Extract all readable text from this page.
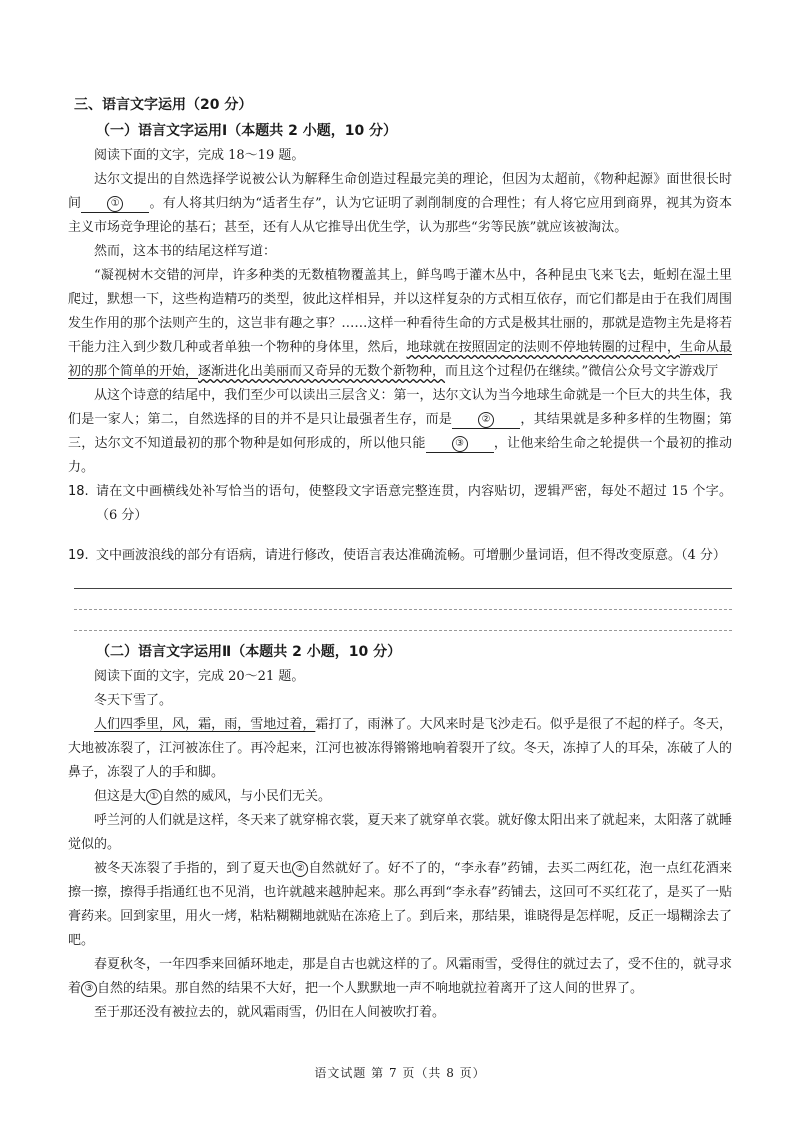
三、语言文字运用（20 分）
（一）语言文字运用Ⅰ（本题共 2 小题，10 分）

阅读下面的文字，完成 18～19 题。

达尔文提出的自然选择学说被公认为解释生命创造过程最完美的理论，但因为太超前，《物种起源》面世很长时间	① 。有人将其归纳为“适者生存”，认为它证明了剥削制度的合理性；有人将它应用到商界，视其为资本主义市场竞争理论的基石；甚至，还有人从它推导出优生学，认为那些“劣等民族”就应该被淘汰。

然而，这本书的结尾这样写道：

“凝视树木交错的河岸，许多种类的无数植物覆盖其上，鲜鸟鸣于灌木丛中，各种昆虫飞来飞去，蚯蚓在湿土里爬过，默想一下，这些构造精巧的类型，彼此这样相异，并以这样复杂的方式相互依存，而它们都是由于在我们周围发生作用的那个法则产生的，这岂非有趣之事？……这样一种看待生命的方式是极其壮丽的，那就是造物主先是将若干能力注入到少数几种或者单独一个物种的身体里，然后，地球就在按照固定的法则不停地转圈的过程中，生命从最初的那个简单的开始，逐渐进化出美丽而又奇异的无数个新物种，而且这个过程仍在继续。”微信公众号文字游戏厅

从这个诗意的结尾中，我们至少可以读出三层含义：第一，达尔文认为当今地球生命就是一个巨大的共生体，我们是一家人；第二，自然选择的目的并不是只让最强者生存，而是	② ，其结果就是多种多样的生物圈；第三，达尔文不知道最初的那个物种是如何形成的，所以他只能	③ ，让他来给生命之轮提供一个最初的推动力。

18. 请在文中画横线处补写恰当的语句，使整段文字语意完整连贯，内容贴切，逻辑严密，每处不超过 15 个字。（6 分）
19. 文中画波浪线的部分有语病，请进行修改，使语言表达准确流畅。可增删少量词语，但不得改变原意。（4 分）
（二）语言文字运用Ⅱ（本题共 2 小题，10 分）

阅读下面的文字，完成 20～21 题。

冬天下雪了。

人们四季里，风，霜，雨，雪地过着，霜打了，雨淋了。大风来时是飞沙走石。似乎是很了不起的样子。冬天，大地被冻裂了，江河被冻住了。再冷起来，江河也被冻得锵锵地响着裂开了纹。冬天，冻掉了人的耳朵，冻破了人的鼻子，冻裂了人的手和脚。

但这是大 ① 自然的威风，与小民们无关。

呼兰河的人们就是这样，冬天来了就穿棉衣裳，夏天来了就穿单衣裳。就好像太阳出来了就起来，太阳落了就睡觉似的。

被冬天冻裂了手指的，到了夏天也 ② 自然就好了。好不了的，“李永春”药铺，去买二两红花，泡一点红花酒来擦一擦，擦得手指通红也不见消，也许就越来越肿起来。那么再到“李永春”药铺去，这回可不买红花了，是买了一贴膏药来。回到家里，用火一烤，粘粘糊糊地就贴在冻疮上了。到后来，那结果，谁晓得是怎样呢，反正一塌糊涂去了吧。

春夏秋冬，一年四季来回循环地走，那是自古也就这样的了。风霜雨雪，受得住的就过去了，受不住的，就寻求着 ③ 自然的结果。那自然的结果不大好，把一个人默默地一声不响地就拉着离开了这人间的世界了。

至于那还没有被拉去的，就风霜雨雪，仍旧在人间被吹打着。

语文试题 第 7 页（共 8 页）
